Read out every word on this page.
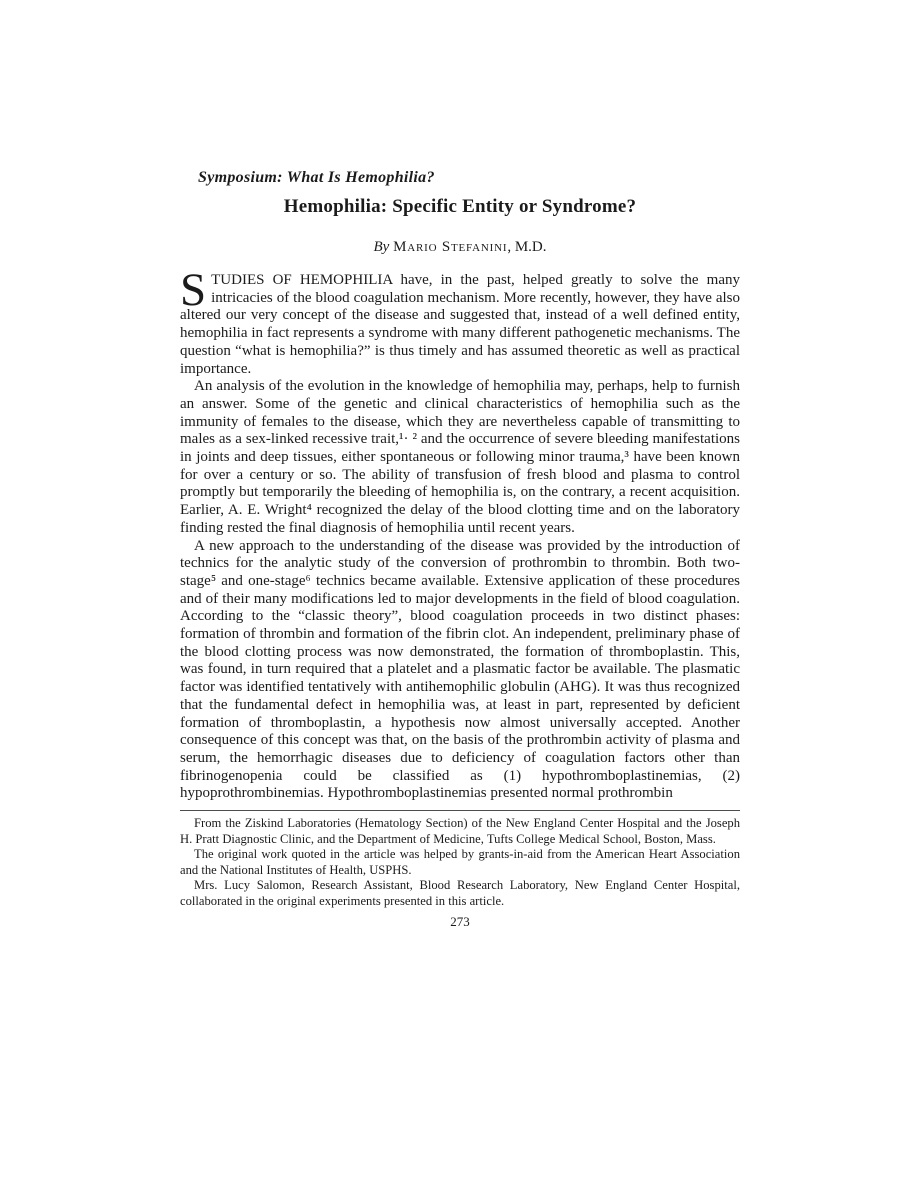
Symposium: What Is Hemophilia?
Hemophilia: Specific Entity or Syndrome?
By Mario Stefanini, M.D.

STUDIES OF HEMOPHILIA have, in the past, helped greatly to solve the many intricacies of the blood coagulation mechanism. More recently, however, they have also altered our very concept of the disease and suggested that, instead of a well defined entity, hemophilia in fact represents a syndrome with many different pathogenetic mechanisms. The question “what is hemophilia?” is thus timely and has assumed theoretic as well as practical importance.

An analysis of the evolution in the knowledge of hemophilia may, perhaps, help to furnish an answer. Some of the genetic and clinical characteristics of hemophilia such as the immunity of females to the disease, which they are nevertheless capable of transmitting to males as a sex-linked recessive trait,¹· ² and the occurrence of severe bleeding manifestations in joints and deep tissues, either spontaneous or following minor trauma,³ have been known for over a century or so. The ability of transfusion of fresh blood and plasma to control promptly but temporarily the bleeding of hemophilia is, on the contrary, a recent acquisition. Earlier, A. E. Wright⁴ recognized the delay of the blood clotting time and on the laboratory finding rested the final diagnosis of hemophilia until recent years.

A new approach to the understanding of the disease was provided by the introduction of technics for the analytic study of the conversion of prothrombin to thrombin. Both two-stage⁵ and one-stage⁶ technics became available. Extensive application of these procedures and of their many modifications led to major developments in the field of blood coagulation. According to the “classic theory”, blood coagulation proceeds in two distinct phases: formation of thrombin and formation of the fibrin clot. An independent, preliminary phase of the blood clotting process was now demonstrated, the formation of thromboplastin. This, was found, in turn required that a platelet and a plasmatic factor be available. The plasmatic factor was identified tentatively with antihemophilic globulin (AHG). It was thus recognized that the fundamental defect in hemophilia was, at least in part, represented by deficient formation of thromboplastin, a hypothesis now almost universally accepted. Another consequence of this concept was that, on the basis of the prothrombin activity of plasma and serum, the hemorrhagic diseases due to deficiency of coagulation factors other than fibrinogenopenia could be classified as (1) hypothromboplastinemias, (2) hypoprothrombinemias. Hypothromboplastinemias presented normal prothrombin

From the Ziskind Laboratories (Hematology Section) of the New England Center Hospital and the Joseph H. Pratt Diagnostic Clinic, and the Department of Medicine, Tufts College Medical School, Boston, Mass.

The original work quoted in the article was helped by grants-in-aid from the American Heart Association and the National Institutes of Health, USPHS.

Mrs. Lucy Salomon, Research Assistant, Blood Research Laboratory, New England Center Hospital, collaborated in the original experiments presented in this article.

273
